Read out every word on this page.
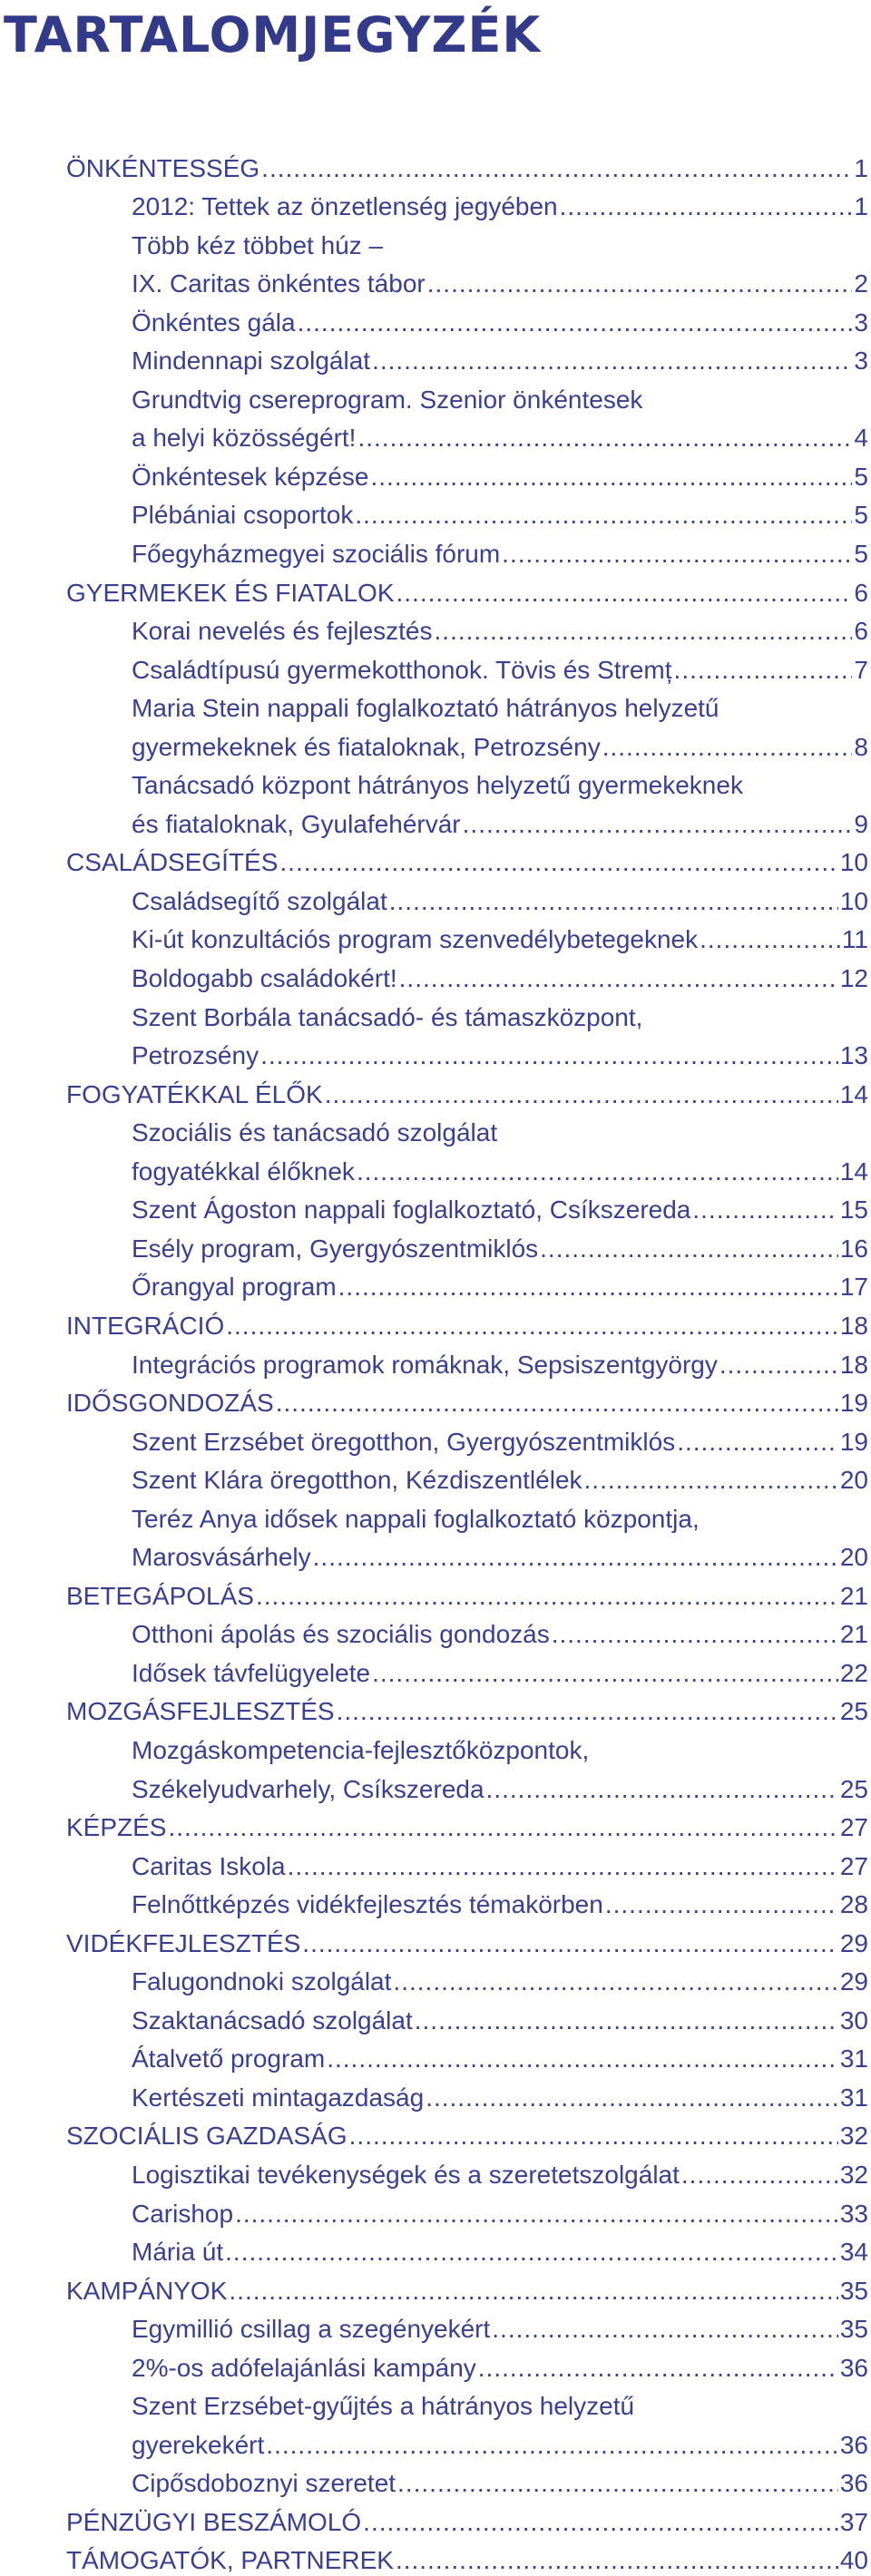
TARTALOMJEGYZÉK
ÖNKÉNTESSÉG .....	1
2012: Tettek az önzetlenség jegyében .....	1
Több kéz többet húz –
IX. Caritas önkéntes tábor .....	2
Önkéntes gála .....	3
Mindennapi szolgálat .....	3
Grundtvig csereprogram. Szenior önkéntesek
a helyi közösségért! .....	4
Önkéntesek képzése .....	5
Plébániai csoportok .....	5
Főegyházmegyei szociális fórum .....	5
GYERMEKEK ÉS FIATALOK .....	6
Korai nevelés és fejlesztés .....	6
Családtípusú gyermekotthonok. Tövis és Stremț .....	7
Maria Stein nappali foglalkoztató hátrányos helyzetű
gyermekeknek és fiataloknak, Petrozsény .....	8
Tanácsadó központ hátrányos helyzetű gyermekeknek
és fiataloknak, Gyulafehérvár .....	9
CSALÁDSEGÍTÉS .....	10
Családsegítő szolgálat .....	10
Ki-út konzultációs program szenvedélybetegeknek .....	11
Boldogabb családokért! .....	12
Szent Borbála tanácsadó- és támaszközpont,
Petrozsény .....	13
FOGYATÉKKAL ÉLŐK .....	14
Szociális és tanácsadó szolgálat
fogyatékkal élőknek .....	14
Szent Ágoston nappali foglalkoztató, Csíkszereda .....	15
Esély program, Gyergyószentmiklós .....	16
Őrangyal program .....	17
INTEGRÁCIÓ .....	18
Integrációs programok romáknak, Sepsiszentgyörgy .....	18
IDŐSGONDOZÁS .....	19
Szent Erzsébet öregotthon, Gyergyószentmiklós .....	19
Szent Klára öregotthon, Kézdiszentlélek .....	20
Teréz Anya idősek nappali foglalkoztató központja,
Marosvásárhely .....	20
BETEGÁPOLÁS .....	21
Otthoni ápolás és szociális gondozás .....	21
Idősek távfelügyelete .....	22
MOZGÁSFEJLESZTÉS .....	25
Mozgáskompetencia-fejlesztőközpontok,
Székelyudvarhely, Csíkszereda .....	25
KÉPZÉS .....	27
Caritas Iskola .....	27
Felnőttképzés vidékfejlesztés témakörben .....	28
VIDÉKFEJLESZTÉS .....	29
Falugondnoki szolgálat .....	29
Szaktanácsadó szolgálat .....	30
Átalvető program .....	31
Kertészeti mintagazdaság .....	31
SZOCIÁLIS GAZDASÁG .....	32
Logisztikai tevékenységek és a szeretetszolgálat .....	32
Carishop .....	33
Mária út .....	34
KAMPÁNYOK .....	35
Egymillió csillag a szegényekért .....	35
2%-os adófelajánlási kampány .....	36
Szent Erzsébet-gyűjtés a hátrányos helyzetű
gyerekekért .....	36
Cipősdoboznyi szeretet .....	36
PÉNZÜGYI BESZÁMOLÓ .....	37
TÁMOGATÓK, PARTNEREK .....	40
